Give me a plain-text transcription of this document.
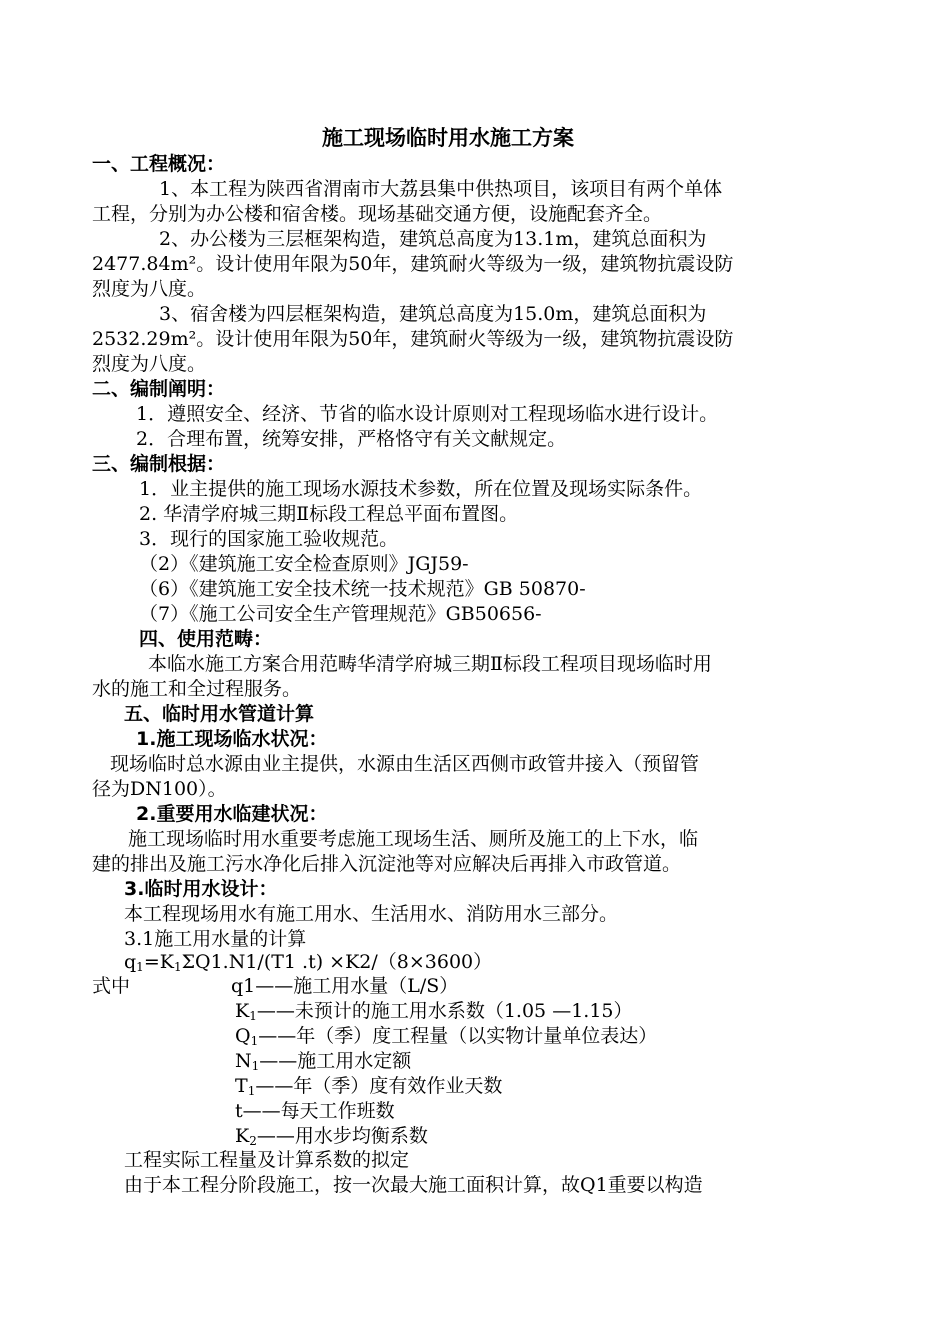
施工现场临时用水施工方案
一、工程概况：
1、本工程为陕西省渭南市大荔县集中供热项目，该项目有两个单体
工程，分别为办公楼和宿舍楼。现场基础交通方便，设施配套齐全。
2、办公楼为三层框架构造，建筑总高度为13.1m，建筑总面积为
2477.84m²。设计使用年限为50年，建筑耐火等级为一级，建筑物抗震设防
烈度为八度。
3、宿舍楼为四层框架构造，建筑总高度为15.0m，建筑总面积为
2532.29m²。设计使用年限为50年，建筑耐火等级为一级，建筑物抗震设防
烈度为八度。
二、编制阐明：
1．遵照安全、经济、节省的临水设计原则对工程现场临水进行设计。
2．合理布置，统筹安排，严格恪守有关文献规定。
三、编制根据：
1．业主提供的施工现场水源技术参数，所在位置及现场实际条件。
2. 华清学府城三期Ⅱ标段工程总平面布置图。
3．现行的国家施工验收规范。
（2）《建筑施工安全检查原则》JGJ59-
（6）《建筑施工安全技术统一技术规范》GB 50870-
（7）《施工公司安全生产管理规范》GB50656-
四、使用范畴：
本临水施工方案合用范畴华清学府城三期Ⅱ标段工程项目现场临时用
水的施工和全过程服务。
五、临时用水管道计算
1.施工现场临水状况：
现场临时总水源由业主提供，水源由生活区西侧市政管井接入（预留管
径为DN100）。
2.重要用水临建状况：
施工现场临时用水重要考虑施工现场生活、厕所及施工的上下水，临
建的排出及施工污水净化后排入沉淀池等对应解决后再排入市政管道。
3.临时用水设计：
本工程现场用水有施工用水、生活用水、消防用水三部分。
3.1施工用水量的计算
$q_1=K_1\Sigma Q1.N1/(T1$ .t) ×K2/（8×3600）
式中	q1——施工用水量（L/S）
$K_1——$未预计的施工用水系数（1.05 —1.15）
$Q_1——$年（季）度工程量（以实物计量单位表达）
$N_1——$施工用水定额
$T_1——$年（季）度有效作业天数
t——每天工作班数
$K_2——$用水步均衡系数
工程实际工程量及计算系数的拟定
由于本工程分阶段施工，按一次最大施工面积计算，故Q1重要以构造
